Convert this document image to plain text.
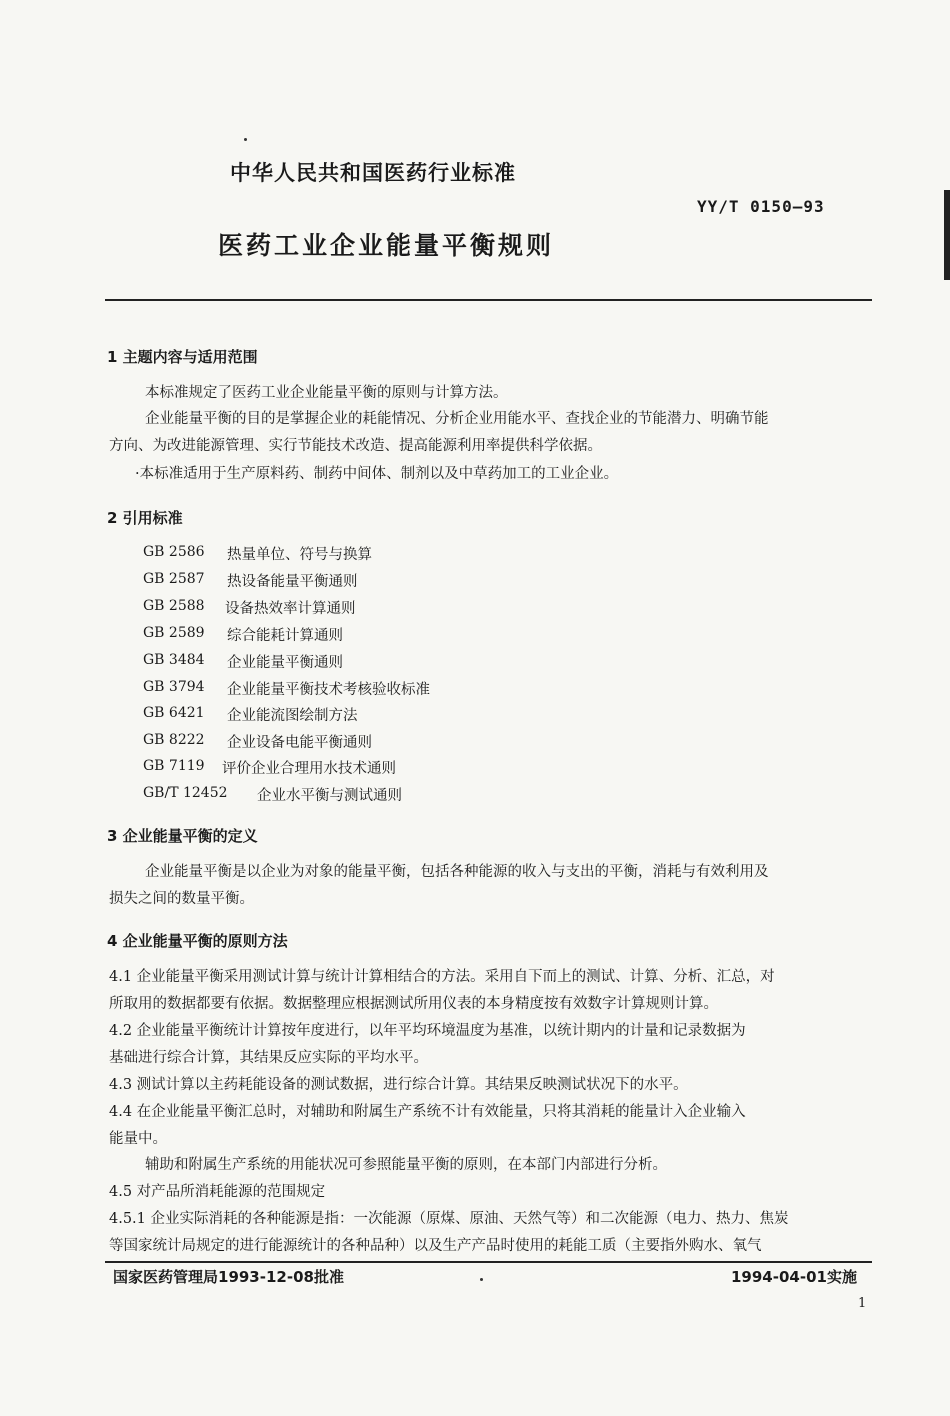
中华人民共和国医药行业标准
YY/T 0150—93
医药工业企业能量平衡规则
1 主题内容与适用范围
本标准规定了医药工业企业能量平衡的原则与计算方法。
企业能量平衡的目的是掌握企业的耗能情况、分析企业用能水平、查找企业的节能潜力、明确节能
方向、为改进能源管理、实行节能技术改造、提高能源利用率提供科学依据。
·本标准适用于生产原料药、制药中间体、制剂以及中草药加工的工业企业。
2 引用标准
GB 2586 热量单位、符号与换算
GB 2587 热设备能量平衡通则
GB 2588 设备热效率计算通则
GB 2589 综合能耗计算通则
GB 3484 企业能量平衡通则
GB 3794 企业能量平衡技术考核验收标准
GB 6421 企业能流图绘制方法
GB 8222 企业设备电能平衡通则
GB 7119 评价企业合理用水技术通则
GB/T 12452 企业水平衡与测试通则
3 企业能量平衡的定义
企业能量平衡是以企业为对象的能量平衡，包括各种能源的收入与支出的平衡，消耗与有效利用及
损失之间的数量平衡。
4 企业能量平衡的原则方法
4.1 企业能量平衡采用测试计算与统计计算相结合的方法。采用自下而上的测试、计算、分析、汇总，对
所取用的数据都要有依据。数据整理应根据测试所用仪表的本身精度按有效数字计算规则计算。
4.2 企业能量平衡统计计算按年度进行，以年平均环境温度为基准，以统计期内的计量和记录数据为
基础进行综合计算，其结果反应实际的平均水平。
4.3 测试计算以主药耗能设备的测试数据，进行综合计算。其结果反映测试状况下的水平。
4.4 在企业能量平衡汇总时，对辅助和附属生产系统不计有效能量，只将其消耗的能量计入企业输入
能量中。
辅助和附属生产系统的用能状况可参照能量平衡的原则，在本部门内部进行分析。
4.5 对产品所消耗能源的范围规定
4.5.1 企业实际消耗的各种能源是指：一次能源（原煤、原油、天然气等）和二次能源（电力、热力、焦炭
等国家统计局规定的进行能源统计的各种品种）以及生产产品时使用的耗能工质（主要指外购水、氧气
国家医药管理局1993-12-08批准	1994-04-01实施
1
